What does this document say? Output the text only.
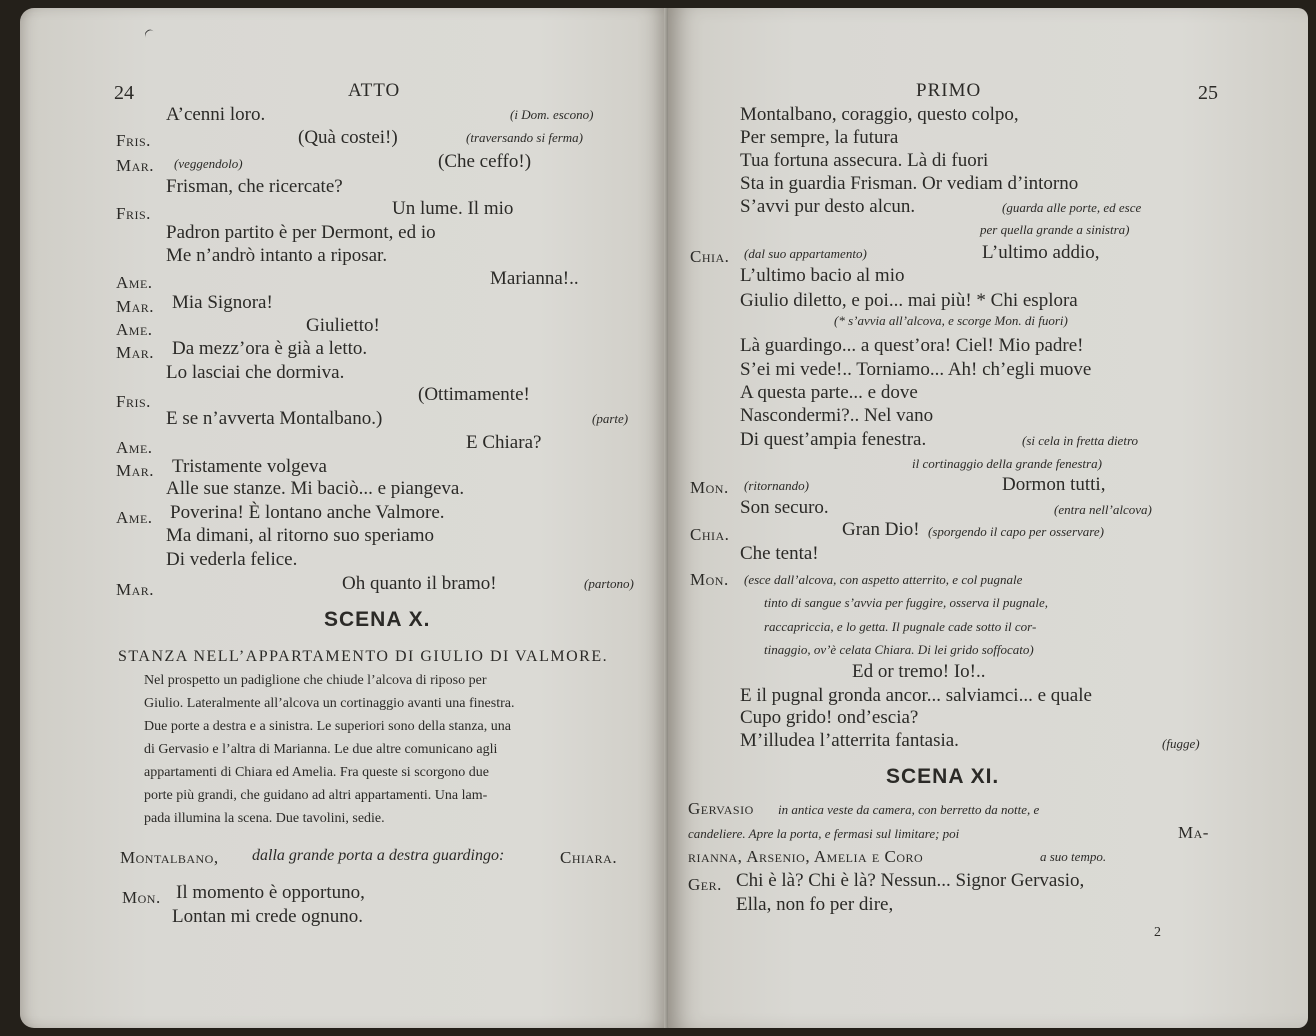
24	ATTO
A’cenni loro.	(i Dom. escono)
Fris.	(Quà costei!)	(traversando si ferma)
Mar. (veggendolo)	(Che ceffo!)
Frisman, che ricercate?
Fris.	Un lume. Il mio
Padron partito è per Dermont, ed io
Me n’andrò intanto a riposar.
Ame.	Marianna!..
Mar. Mia Signora!
Ame.	Giulietto!
Mar. Da mezz’ora è già a letto.
Lo lasciai che dormiva.
Fris.	(Ottimamente!
E se n’avverta Montalbano.)	(parte)
Ame.	E Chiara?
Mar. Tristamente volgeva
Alle sue stanze. Mi baciò... e piangeva.
Ame. Poverina! È lontano anche Valmore.
Ma dimani, al ritorno suo speriamo
Di vederla felice.
Mar.	Oh quanto il bramo!	(partono)
SCENA X.
STANZA NELL’APPARTAMENTO DI GIULIO DI VALMORE.
Nel prospetto un padiglione che chiude l’alcova di riposo per
Giulio. Lateralmente all’alcova un cortinaggio avanti una finestra.
Due porte a destra e a sinistra. Le superiori sono della stanza, una
di Gervasio e l’altra di Marianna. Le due altre comunicano agli
appartamenti di Chiara ed Amelia. Fra queste si scorgono due
porte più grandi, che guidano ad altri appartamenti. Una lam-
pada illumina la scena. Due tavolini, sedie.
Montalbano, dalla grande porta a destra guardingo:	Chiara.
Mon. Il momento è opportuno,
Lontan mi crede ognuno.
PRIMO	25
Montalbano, coraggio, questo colpo,
Per sempre, la futura
Tua fortuna assecura. Là di fuori
Sta in guardia Frisman. Or vediam d’intorno
S’avvi pur desto alcun.	(guarda alle porte, ed esce
per quella grande a sinistra)
Chia. (dal suo appartamento)	L’ultimo addio,
L’ultimo bacio al mio
Giulio diletto, e poi... mai più! * Chi esplora
(* s’avvia all’alcova, e scorge Mon. di fuori)
Là guardingo... a quest’ora! Ciel! Mio padre!
S’ei mi vede!.. Torniamo... Ah! ch’egli muove
A questa parte... e dove
Nascondermi?.. Nel vano
Di quest’ampia fenestra.	(si cela in fretta dietro
il cortinaggio della grande fenestra)
Mon. (ritornando)	Dormon tutti,
Son securo.	(entra nell’alcova)
Chia.	Gran Dio! (sporgendo il capo per osservare)
Che tenta!
Mon. (esce dall’alcova, con aspetto atterrito, e col pugnale
tinto di sangue s’avvia per fuggire, osserva il pugnale,
raccapriccia, e lo getta. Il pugnale cade sotto il cor-
tinaggio, ov’è celata Chiara. Di lei grido soffocato)
Ed or tremo! Io!..
E il pugnal gronda ancor... salviamci... e quale
Cupo grido! ond’escia?
M’illudea l’atterrita fantasia.	(fugge)
SCENA XI.
Gervasio in antica veste da camera, con berretto da notte, e
candeliere. Apre la porta, e fermasi sul limitare; poi	Ma-
rianna, Arsenio, Amelia e Coro	a suo tempo.
Ger. Chi è là? Chi è là? Nessun... Signor Gervasio,
Ella, non fo per dire,
2
